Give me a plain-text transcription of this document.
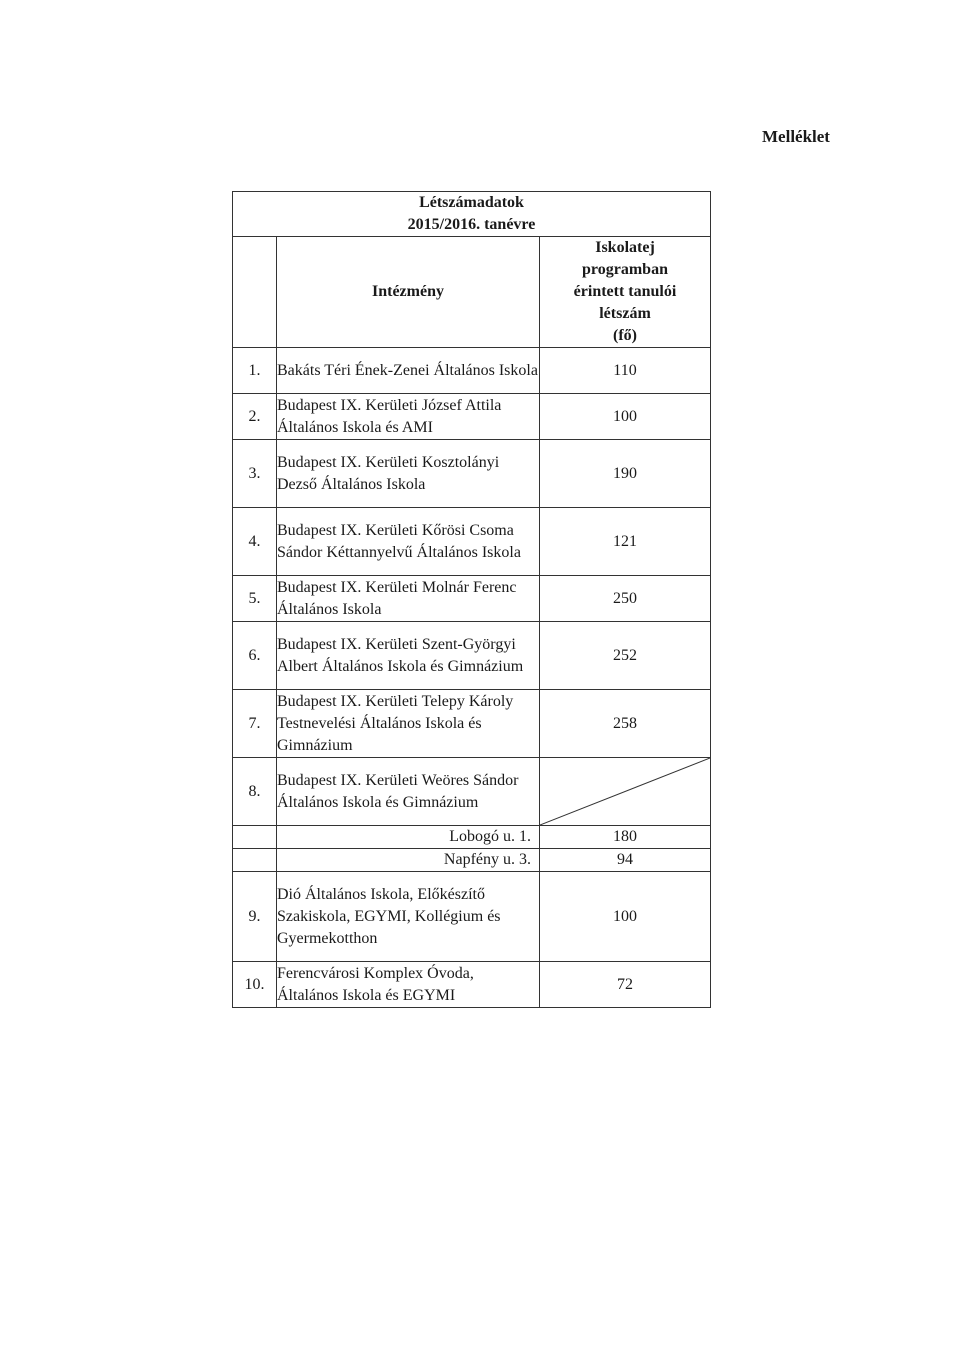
Melléklet

Létszámadatok
2015/2016. tanévre		

	Intézmény	Iskolatej
programban
érintett tanulói
létszám
(fő)

1.	Bakáts Téri Ének-Zenei Általános Iskola	110
2.	Budapest IX. Kerületi József Attila Általános Iskola és AMI	100
3.	Budapest IX. Kerületi Kosztolányi Dezső Általános Iskola	190
4.	Budapest IX. Kerületi Kőrösi Csoma Sándor Kéttannyelvű Általános Iskola	121
5.	Budapest IX. Kerületi Molnár Ferenc Általános Iskola	250
6.	Budapest IX. Kerületi Szent-Györgyi Albert Általános Iskola és Gimnázium	252
7.	Budapest IX. Kerületi Telepy Károly Testnevelési Általános Iskola és Gimnázium	258
8.	Budapest IX. Kerületi Weöres Sándor Általános Iskola és Gimnázium	

	Lobogó u. 1.	180
	Napfény u. 3.	94
9.	Dió Általános Iskola, Előkészítő Szakiskola, EGYMI, Kollégium és Gyermekotthon	100
10.	Ferencvárosi Komplex Óvoda, Általános Iskola és EGYMI	72
